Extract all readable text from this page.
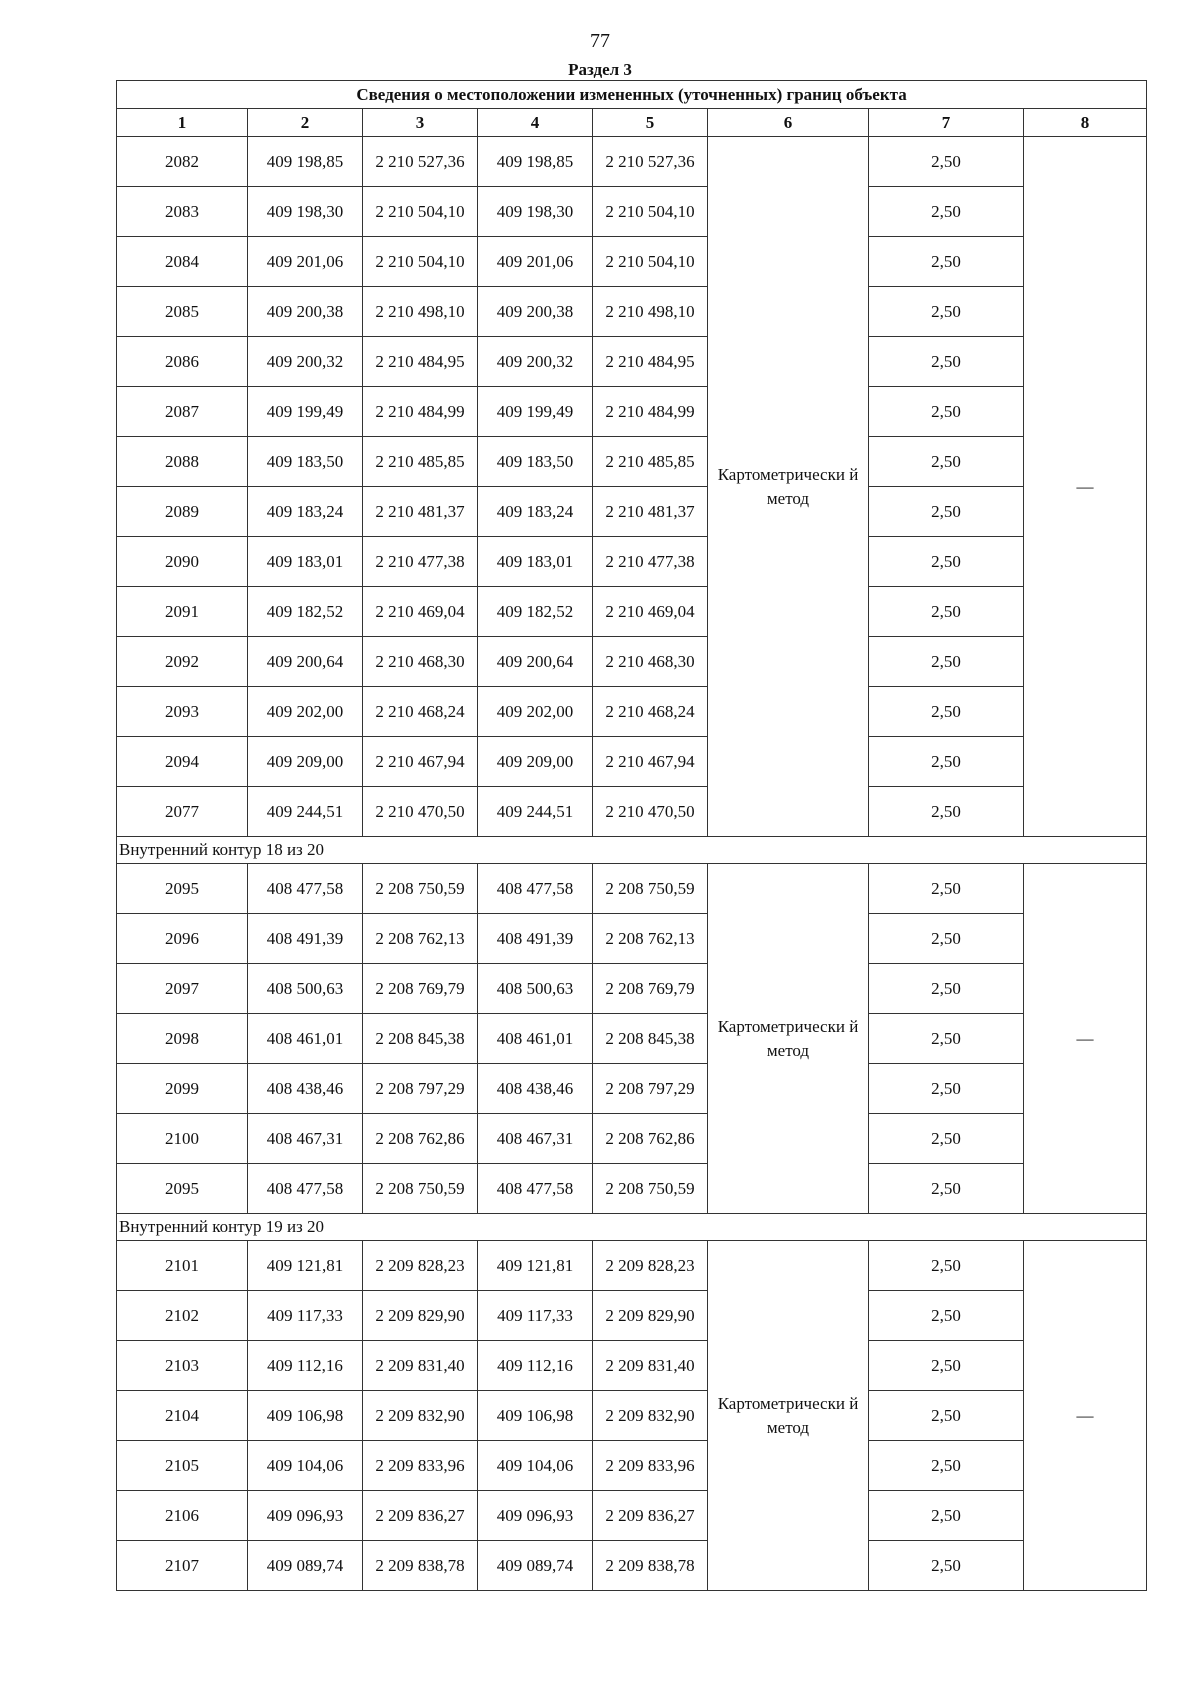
77
Раздел 3
Сведения о местоположении измененных (уточненных) границ объекта							
1	2	3	4	5	6	7	8
2082	409 198,85	2 210 527,36	409 198,85	2 210 527,36	Картометрически й метод	2,50	—
2083	409 198,30	2 210 504,10	409 198,30	2 210 504,10		2,50	
2084	409 201,06	2 210 504,10	409 201,06	2 210 504,10		2,50	
2085	409 200,38	2 210 498,10	409 200,38	2 210 498,10		2,50	
2086	409 200,32	2 210 484,95	409 200,32	2 210 484,95		2,50	
2087	409 199,49	2 210 484,99	409 199,49	2 210 484,99		2,50	
2088	409 183,50	2 210 485,85	409 183,50	2 210 485,85		2,50	
2089	409 183,24	2 210 481,37	409 183,24	2 210 481,37		2,50	
2090	409 183,01	2 210 477,38	409 183,01	2 210 477,38		2,50	
2091	409 182,52	2 210 469,04	409 182,52	2 210 469,04		2,50	
2092	409 200,64	2 210 468,30	409 200,64	2 210 468,30		2,50	
2093	409 202,00	2 210 468,24	409 202,00	2 210 468,24		2,50	
2094	409 209,00	2 210 467,94	409 209,00	2 210 467,94		2,50	
2077	409 244,51	2 210 470,50	409 244,51	2 210 470,50		2,50	
Внутренний контур 18 из 20							
2095	408 477,58	2 208 750,59	408 477,58	2 208 750,59	Картометрически й метод	2,50	—
2096	408 491,39	2 208 762,13	408 491,39	2 208 762,13		2,50	
2097	408 500,63	2 208 769,79	408 500,63	2 208 769,79		2,50	
2098	408 461,01	2 208 845,38	408 461,01	2 208 845,38		2,50	
2099	408 438,46	2 208 797,29	408 438,46	2 208 797,29		2,50	
2100	408 467,31	2 208 762,86	408 467,31	2 208 762,86		2,50	
2095	408 477,58	2 208 750,59	408 477,58	2 208 750,59		2,50	
Внутренний контур 19 из 20							
2101	409 121,81	2 209 828,23	409 121,81	2 209 828,23	Картометрически й метод	2,50	—
2102	409 117,33	2 209 829,90	409 117,33	2 209 829,90		2,50	
2103	409 112,16	2 209 831,40	409 112,16	2 209 831,40		2,50	
2104	409 106,98	2 209 832,90	409 106,98	2 209 832,90		2,50	
2105	409 104,06	2 209 833,96	409 104,06	2 209 833,96		2,50	
2106	409 096,93	2 209 836,27	409 096,93	2 209 836,27		2,50	
2107	409 089,74	2 209 838,78	409 089,74	2 209 838,78		2,50	
